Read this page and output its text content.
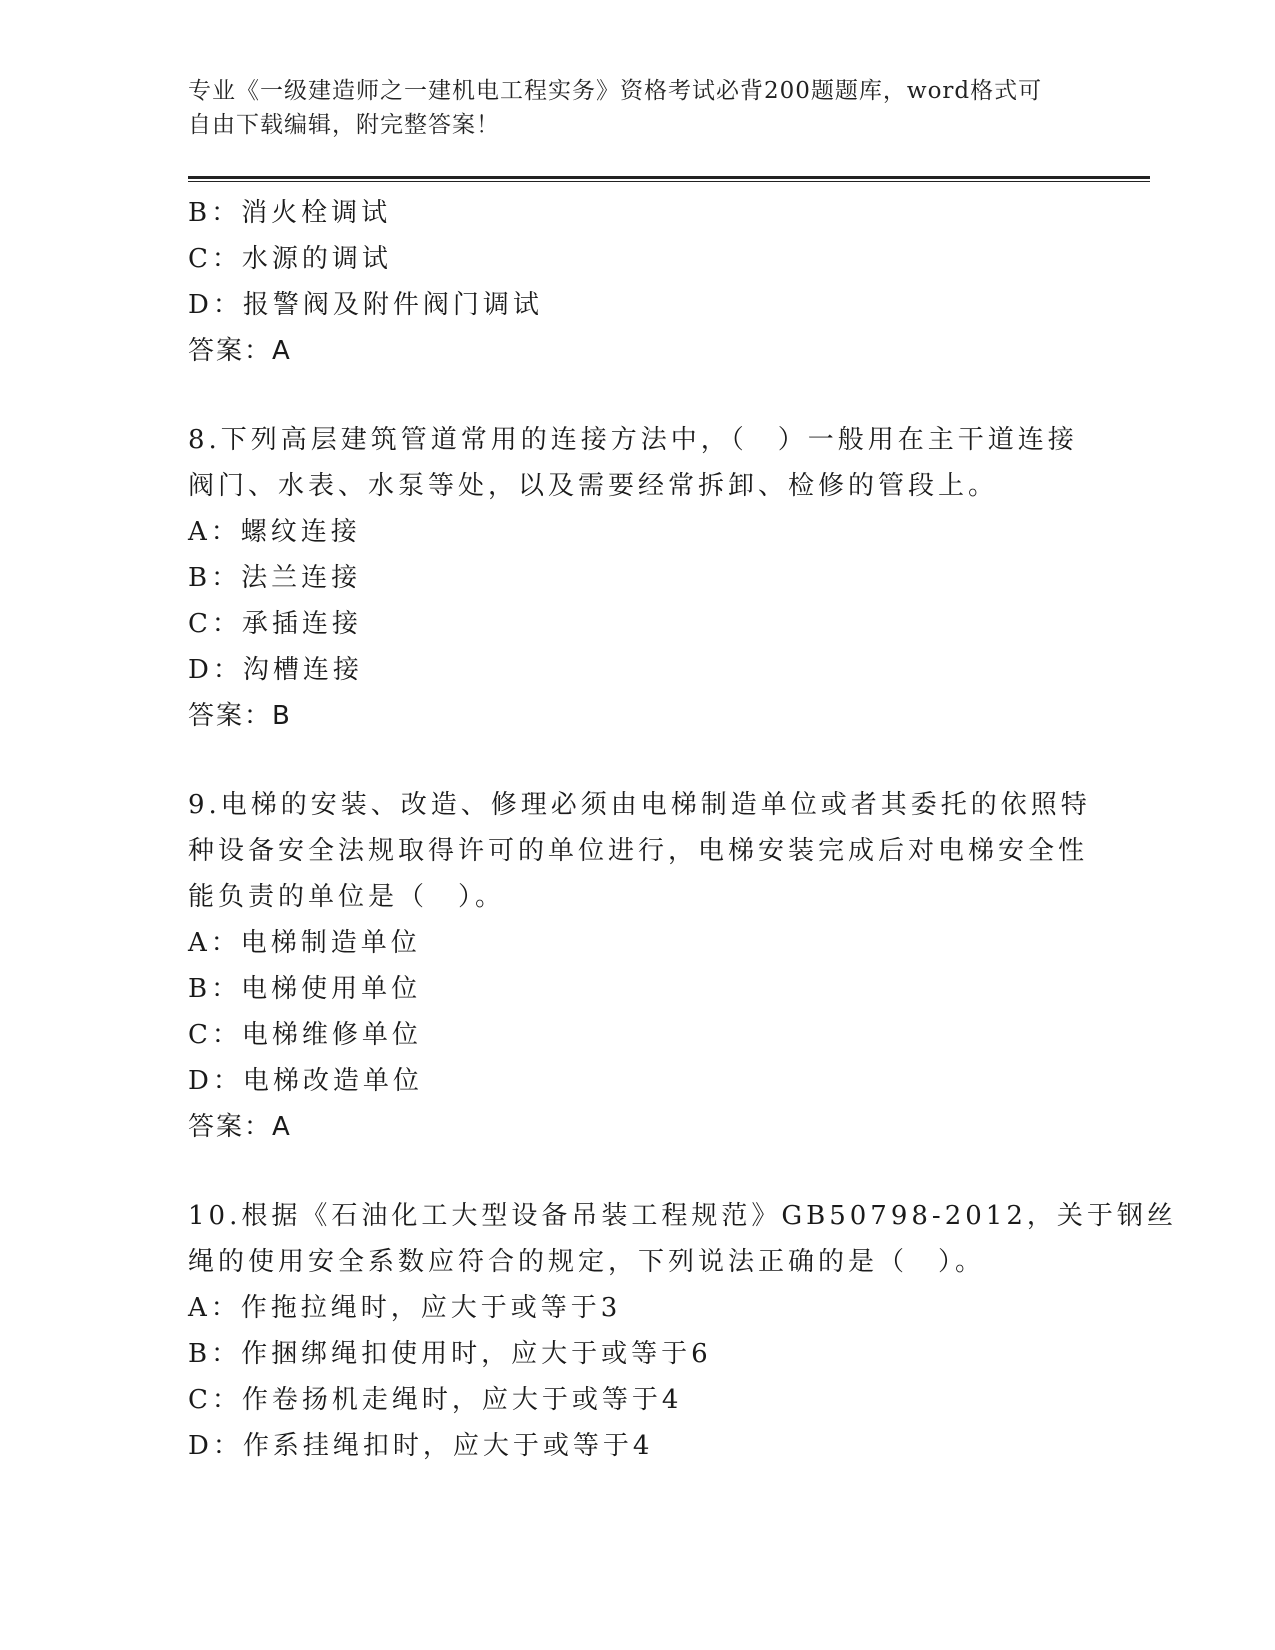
专业《一级建造师之一建机电工程实务》资格考试必背200题题库，word格式可
自由下载编辑，附完整答案！
B：消火栓调试
C：水源的调试
D：报警阀及附件阀门调试
答案：A
8.下列高层建筑管道常用的连接方法中，（　）一般用在主干道连接
阀门、水表、水泵等处，以及需要经常拆卸、检修的管段上。
A：螺纹连接
B：法兰连接
C：承插连接
D：沟槽连接
答案：B
9.电梯的安装、改造、修理必须由电梯制造单位或者其委托的依照特
种设备安全法规取得许可的单位进行，电梯安装完成后对电梯安全性
能负责的单位是（　）。
A：电梯制造单位
B：电梯使用单位
C：电梯维修单位
D：电梯改造单位
答案：A
10.根据《石油化工大型设备吊装工程规范》GB50798-2012，关于钢丝
绳的使用安全系数应符合的规定，下列说法正确的是（　）。
A：作拖拉绳时，应大于或等于3
B：作捆绑绳扣使用时，应大于或等于6
C：作卷扬机走绳时，应大于或等于4
D：作系挂绳扣时，应大于或等于4
